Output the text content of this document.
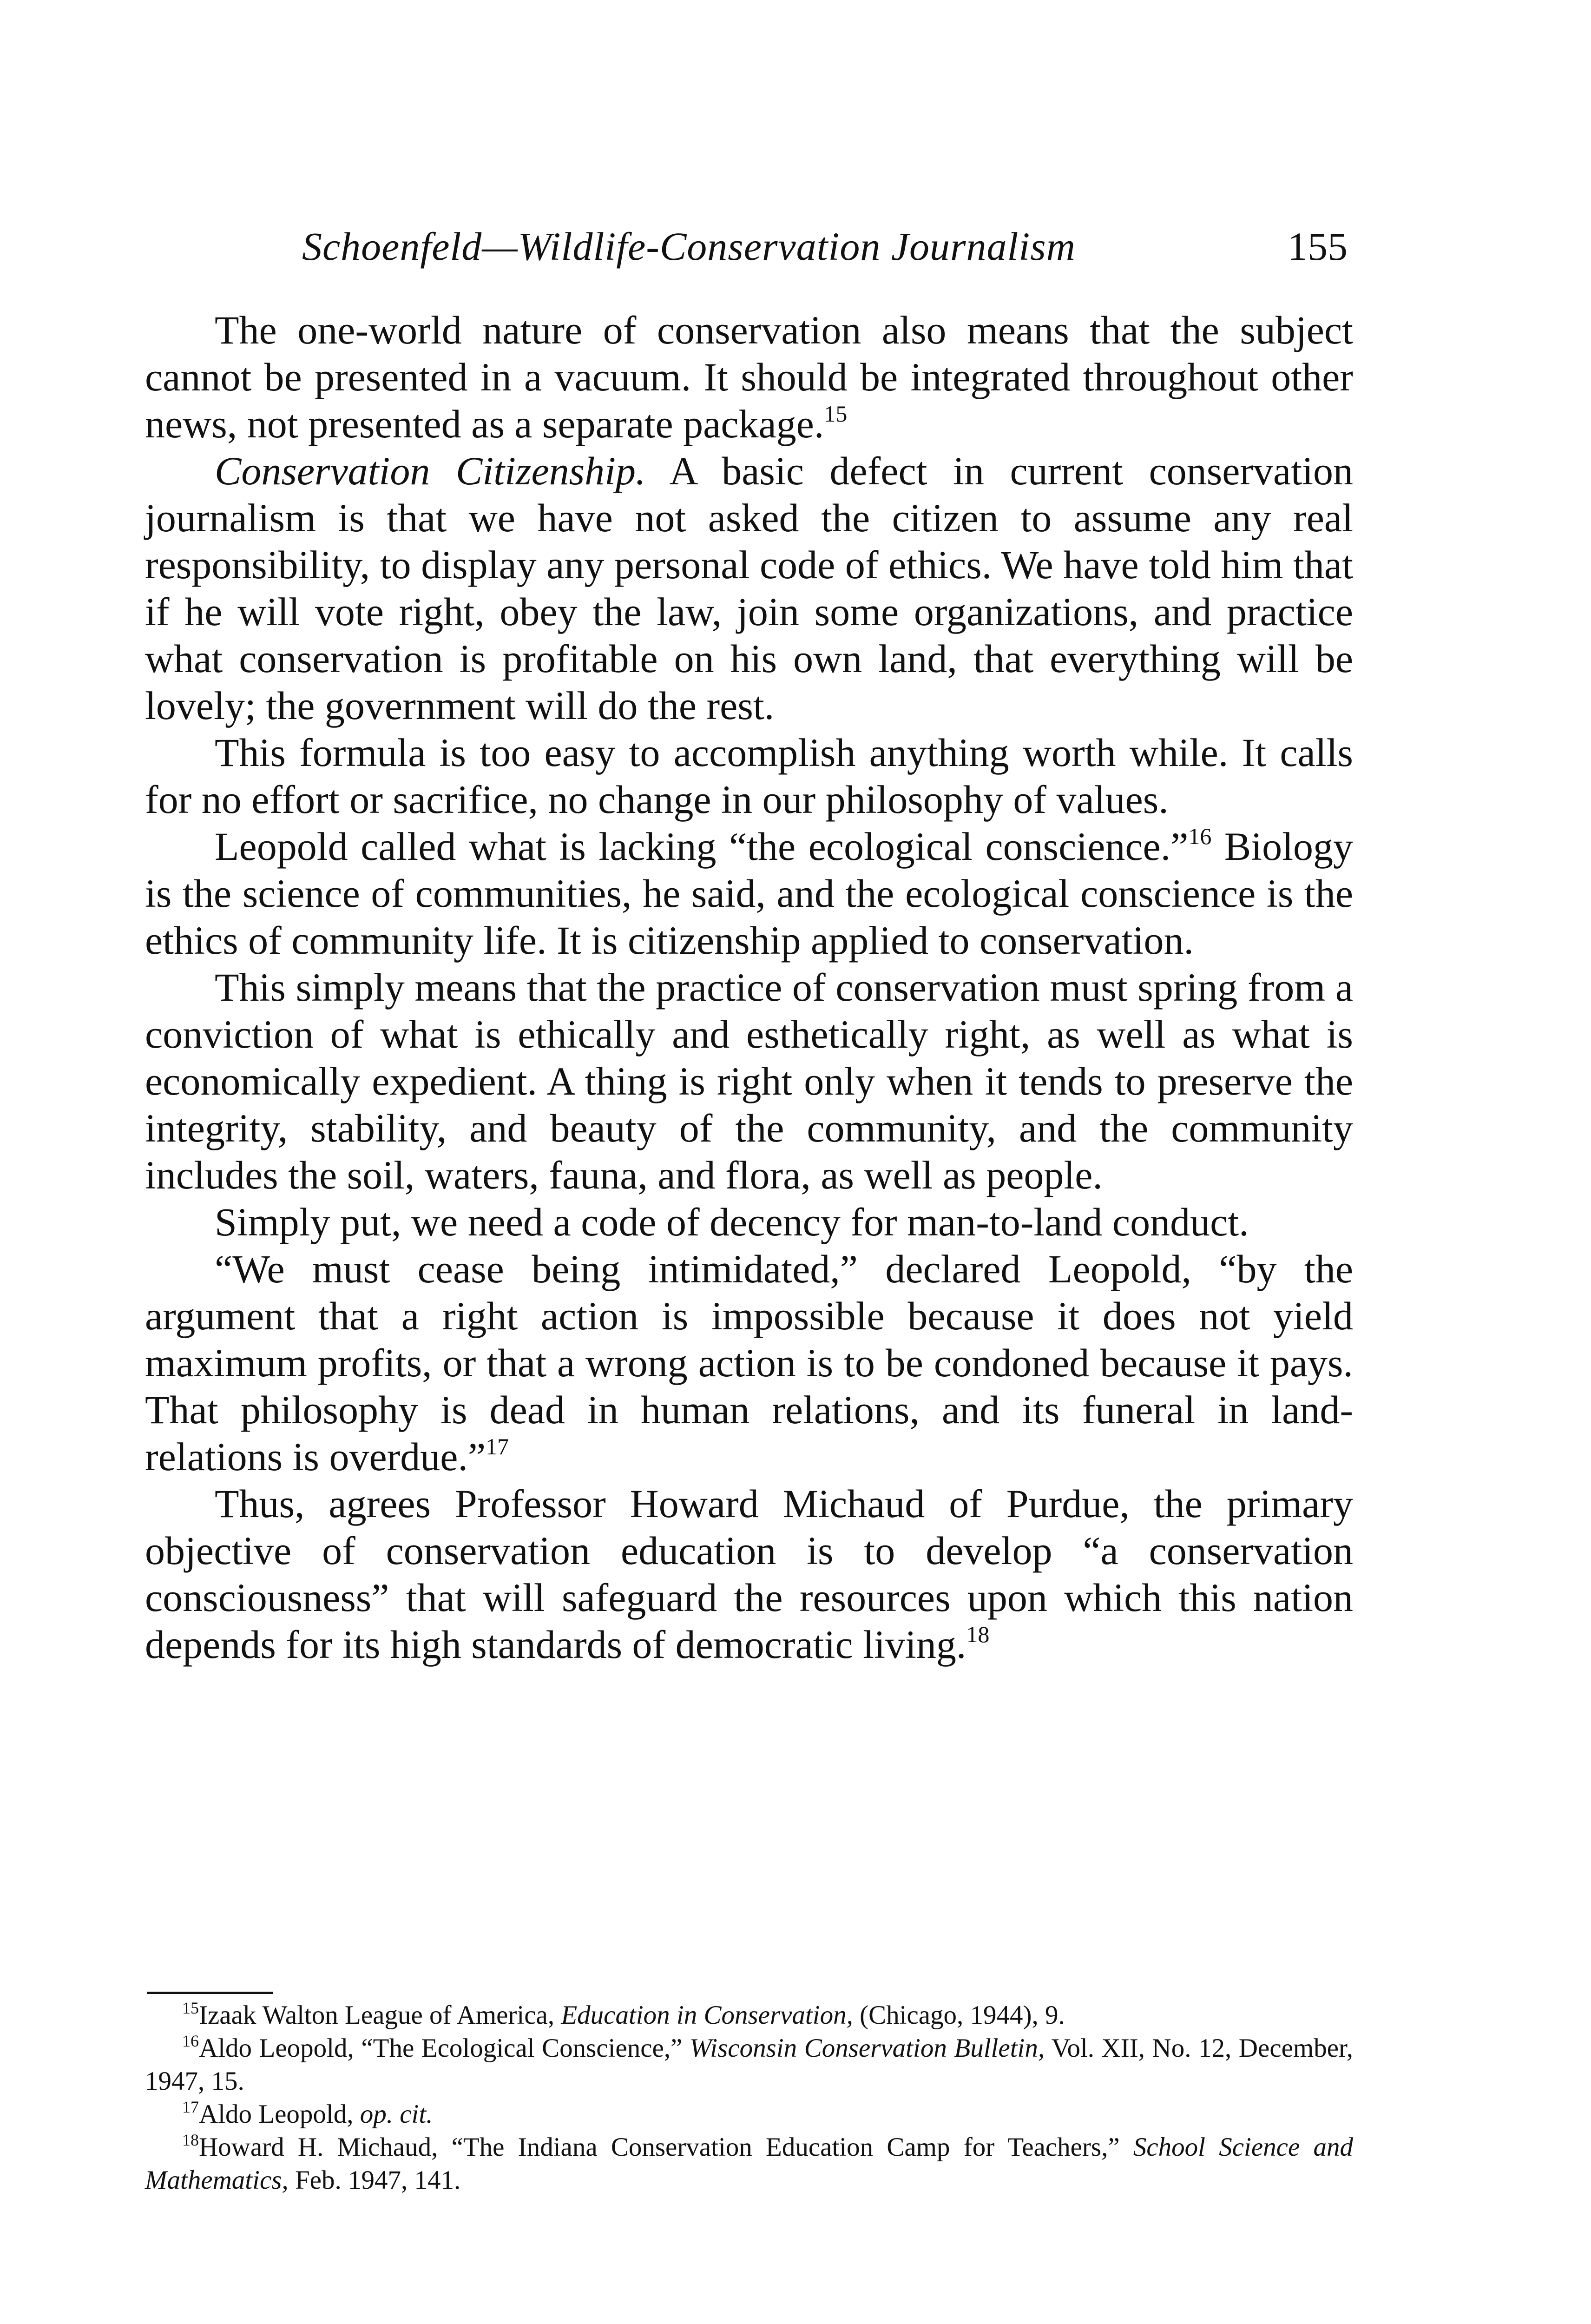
Schoenfeld—Wildlife-Conservation Journalism	155

The one-world nature of conservation also means that the subject cannot be presented in a vacuum. It should be integrated throughout other news, not presented as a separate package.$^{15}$

Conservation Citizenship. A basic defect in current conservation journalism is that we have not asked the citizen to assume any real responsibility, to display any personal code of ethics. We have told him that if he will vote right, obey the law, join some organizations, and practice what conservation is profitable on his own land, that everything will be lovely; the government will do the rest.

This formula is too easy to accomplish anything worth while. It calls for no effort or sacrifice, no change in our philosophy of values.

Leopold called what is lacking “the ecological conscience.”$^{16}$ Biology is the science of communities, he said, and the ecological conscience is the ethics of community life. It is citizenship applied to conservation.

This simply means that the practice of conservation must spring from a conviction of what is ethically and esthetically right, as well as what is economically expedient. A thing is right only when it tends to preserve the integrity, stability, and beauty of the community, and the community includes the soil, waters, fauna, and flora, as well as people.

Simply put, we need a code of decency for man-to-land conduct.

“We must cease being intimidated,” declared Leopold, “by the argument that a right action is impossible because it does not yield maximum profits, or that a wrong action is to be condoned because it pays. That philosophy is dead in human relations, and its funeral in land-relations is overdue.”$^{17}$

Thus, agrees Professor Howard Michaud of Purdue, the primary objective of conservation education is to develop “a conservation consciousness” that will safeguard the resources upon which this nation depends for its high standards of democratic living.$^{18}$

$^{15}$Izaak Walton League of America, Education in Conservation, (Chicago, 1944), 9.

$^{16}$Aldo Leopold, “The Ecological Conscience,” Wisconsin Conservation Bulletin, Vol. XII, No. 12, December, 1947, 15.

$^{17}$Aldo Leopold, op. cit.

$^{18}$Howard H. Michaud, “The Indiana Conservation Education Camp for Teachers,” School Science and Mathematics, Feb. 1947, 141.
